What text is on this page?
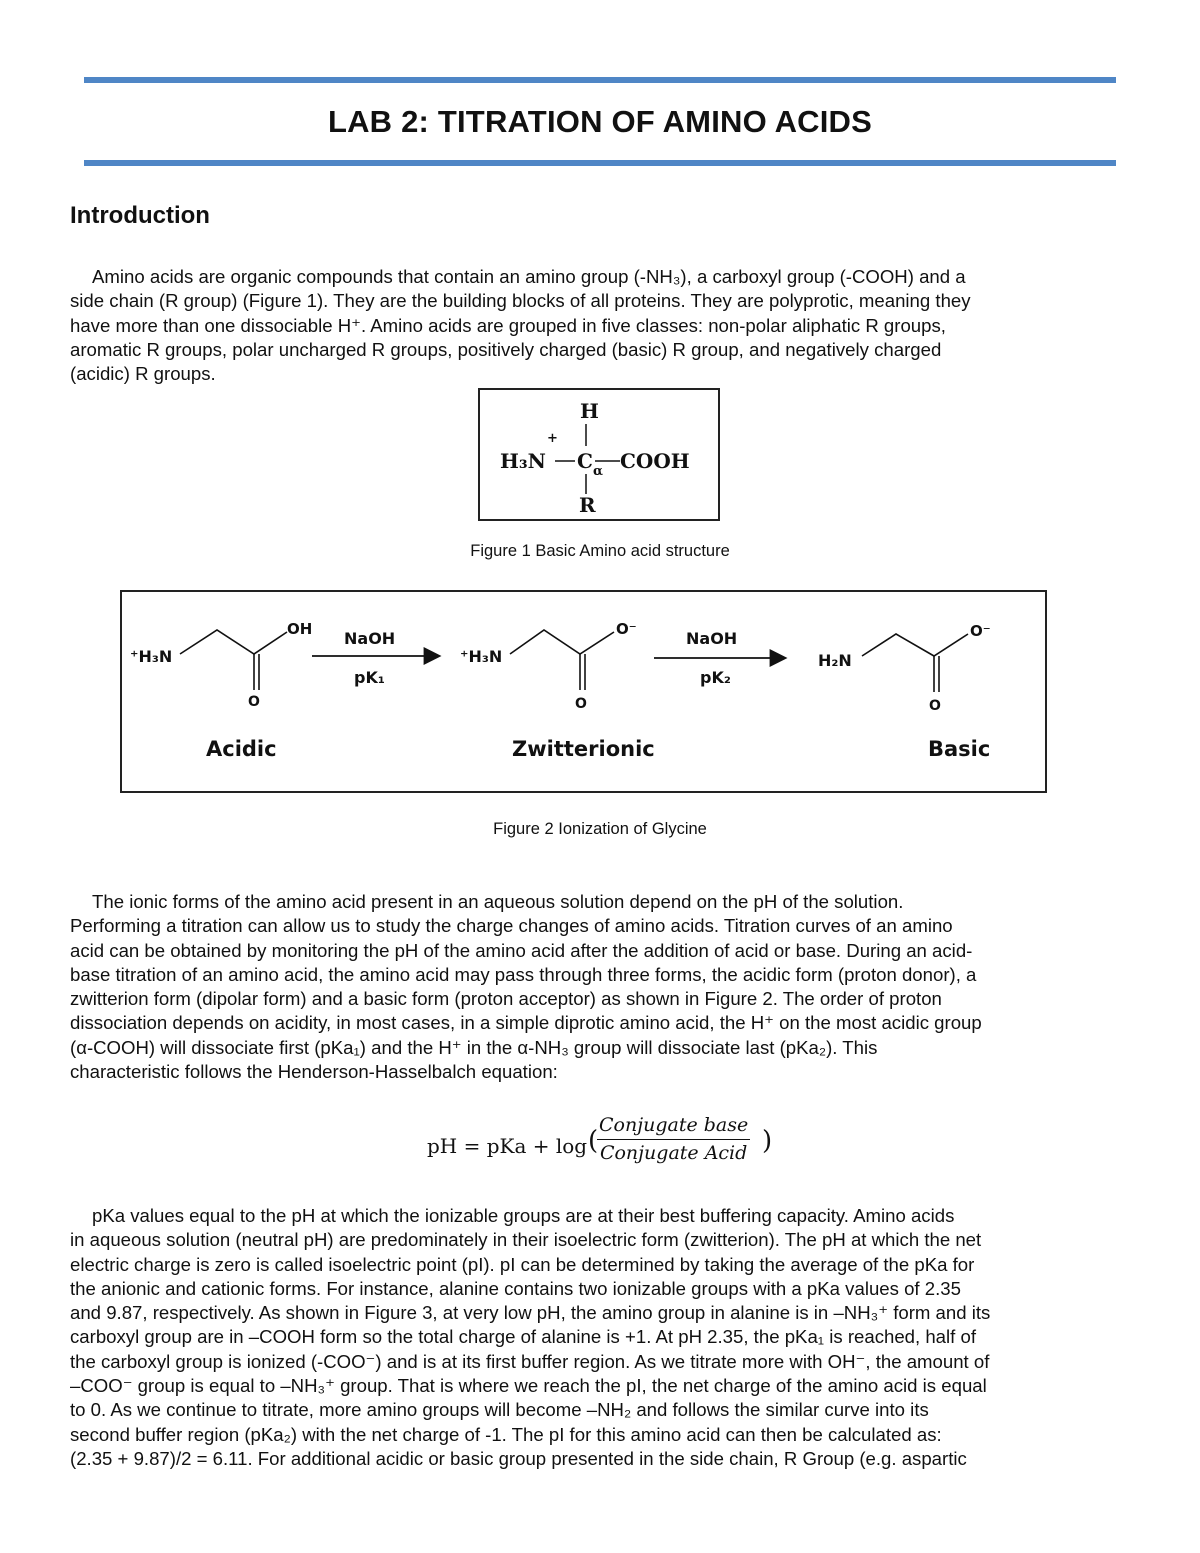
LAB 2: TITRATION OF AMINO ACIDS
Introduction
Amino acids are organic compounds that contain an amino group (-NH₃), a carboxyl group (-COOH) and a
side chain (R group) (Figure 1). They are the building blocks of all proteins. They are polyprotic, meaning they
have more than one dissociable H⁺. Amino acids are grouped in five classes: non-polar aliphatic R groups,
aromatic R groups, polar uncharged R groups, positively charged (basic) R group, and negatively charged
(acidic) R groups.
H
+
H₃N C α COOH
R
Figure 1 Basic Amino acid structure
⁺H₃N
O
OH NaOH
pK₁
⁺H₃N
O
O⁻	NaOH
pK₂
H₂N
O
O⁻
Acidic	Zwitterionic	Basic
Figure 2 Ionization of Glycine
The ionic forms of the amino acid present in an aqueous solution depend on the pH of the solution.
Performing a titration can allow us to study the charge changes of amino acids. Titration curves of an amino
acid can be obtained by monitoring the pH of the amino acid after the addition of acid or base. During an acid-
base titration of an amino acid, the amino acid may pass through three forms, the acidic form (proton donor), a
zwitterion form (dipolar form) and a basic form (proton acceptor) as shown in Figure 2. The order of proton
dissociation depends on acidity, in most cases, in a simple diprotic amino acid, the H⁺ on the most acidic group
(α-COOH) will dissociate first (pKa₁) and the H⁺ in the α-NH₃ group will dissociate last (pKa₂). This
characteristic follows the Henderson-Hasselbalch equation:
pH = pKa + log (
Conjugate base
Conjugate Acid )
pKa values equal to the pH at which the ionizable groups are at their best buffering capacity. Amino acids
in aqueous solution (neutral pH) are predominately in their isoelectric form (zwitterion). The pH at which the net
electric charge is zero is called isoelectric point (pI). pI can be determined by taking the average of the pKa for
the anionic and cationic forms. For instance, alanine contains two ionizable groups with a pKa values of 2.35
and 9.87, respectively. As shown in Figure 3, at very low pH, the amino group in alanine is in –NH₃⁺ form and its
carboxyl group are in –COOH form so the total charge of alanine is +1. At pH 2.35, the pKa₁ is reached, half of
the carboxyl group is ionized (-COO⁻) and is at its first buffer region. As we titrate more with OH⁻, the amount of
–COO⁻ group is equal to –NH₃⁺ group. That is where we reach the pI, the net charge of the amino acid is equal
to 0. As we continue to titrate, more amino groups will become –NH₂ and follows the similar curve into its
second buffer region (pKa₂) with the net charge of -1. The pI for this amino acid can then be calculated as:
(2.35 + 9.87)/2 = 6.11. For additional acidic or basic group presented in the side chain, R Group (e.g. aspartic
